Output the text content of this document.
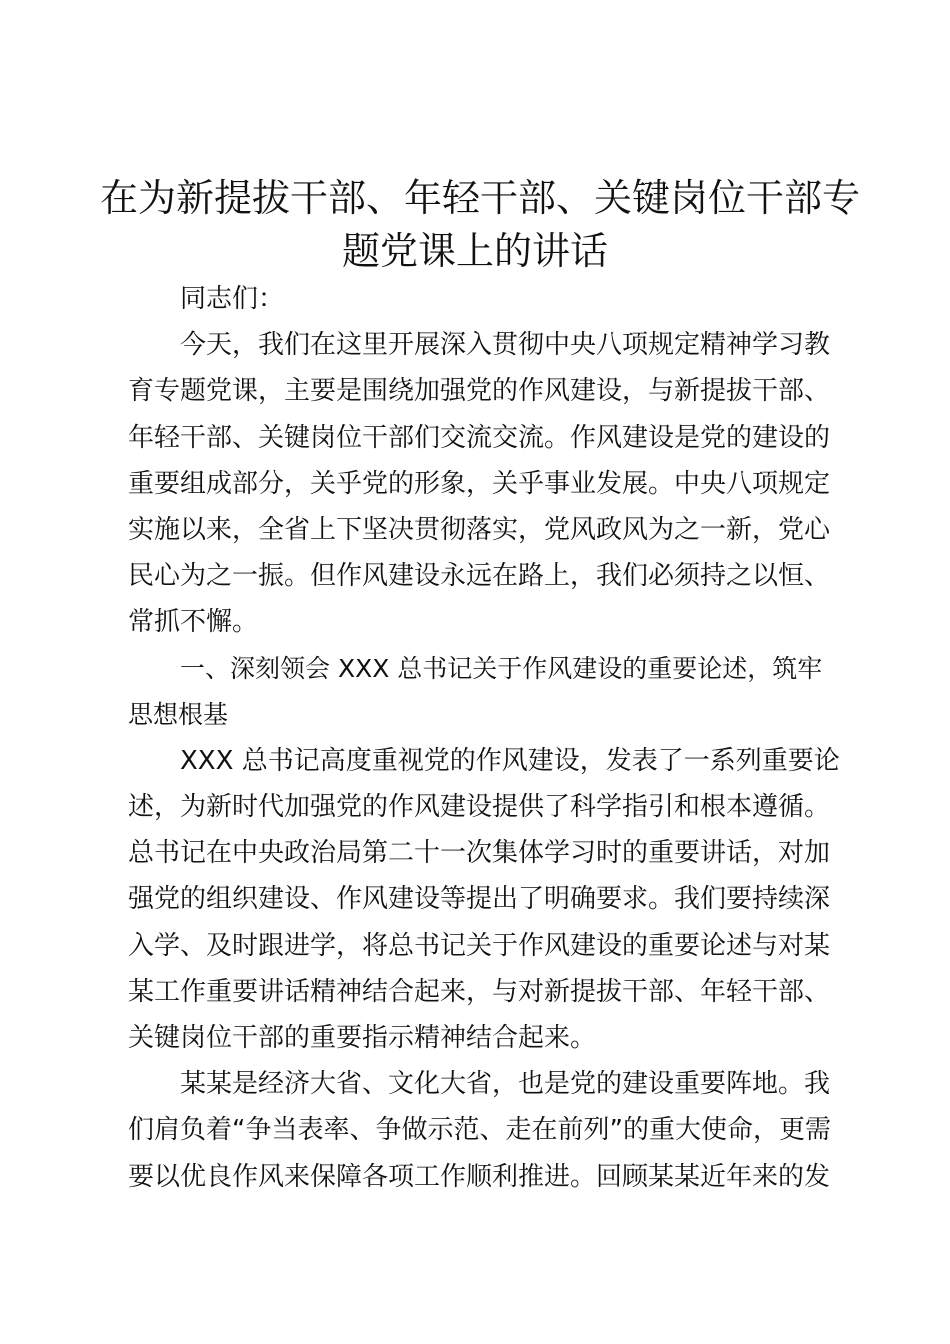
在为新提拔干部、年轻干部、关键岗位干部专
题党课上的讲话
同志们：
今天，我们在这里开展深入贯彻中央八项规定精神学习教
育专题党课，主要是围绕加强党的作风建设，与新提拔干部、
年轻干部、关键岗位干部们交流交流。作风建设是党的建设的
重要组成部分，关乎党的形象，关乎事业发展。中央八项规定
实施以来，全省上下坚决贯彻落实，党风政风为之一新，党心
民心为之一振。但作风建设永远在路上，我们必须持之以恒、
常抓不懈。
一、深刻领会 XXX 总书记关于作风建设的重要论述，筑牢
思想根基
XXX 总书记高度重视党的作风建设，发表了一系列重要论
述，为新时代加强党的作风建设提供了科学指引和根本遵循。
总书记在中央政治局第二十一次集体学习时的重要讲话，对加
强党的组织建设、作风建设等提出了明确要求。我们要持续深
入学、及时跟进学，将总书记关于作风建设的重要论述与对某
某工作重要讲话精神结合起来，与对新提拔干部、年轻干部、
关键岗位干部的重要指示精神结合起来。
某某是经济大省、文化大省，也是党的建设重要阵地。我
们肩负着“争当表率、争做示范、走在前列”的重大使命，更需
要以优良作风来保障各项工作顺利推进。回顾某某近年来的发
